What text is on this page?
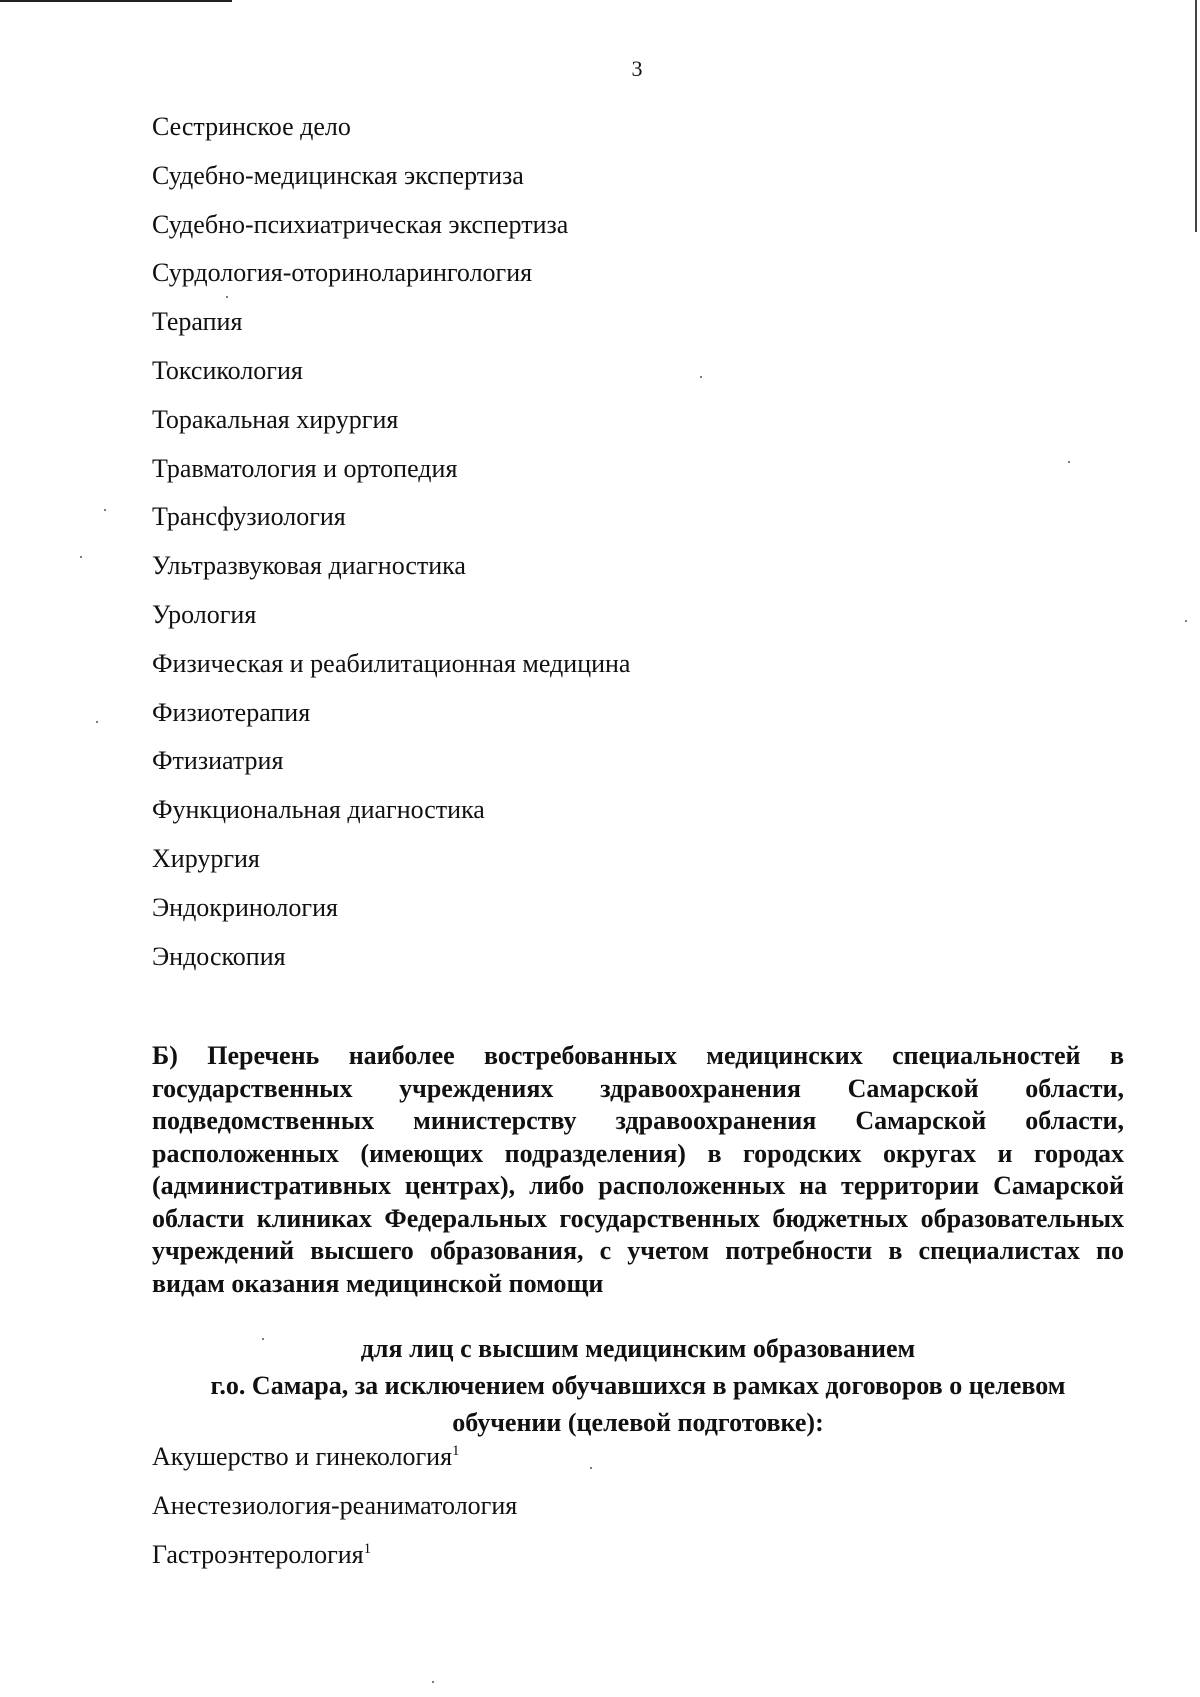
3
Сестринское дело
Судебно-медицинская экспертиза
Судебно-психиатрическая экспертиза
Сурдология-оториноларингология
Терапия
Токсикология
Торакальная хирургия
Травматология и ортопедия
Трансфузиология
Ультразвуковая диагностика
Урология
Физическая и реабилитационная медицина
Физиотерапия
Фтизиатрия
Функциональная диагностика
Хирургия
Эндокринология
Эндоскопия
Б) Перечень наиболее востребованных медицинских специальностей в государственных учреждениях здравоохранения Самарской области, подведомственных министерству здравоохранения Самарской области, расположенных (имеющих подразделения) в городских округах и городах (административных центрах), либо расположенных на территории Самарской области клиниках Федеральных государственных бюджетных образовательных учреждений высшего образования, с учетом потребности в специалистах по видам оказания медицинской помощи
для лиц с высшим медицинским образованием
г.о. Самара, за исключением обучавшихся в рамках договоров о целевом
обучении (целевой подготовке):
Акушерство и гинекология$^1$
Анестезиология-реаниматология
Гастроэнтерология$^1$
